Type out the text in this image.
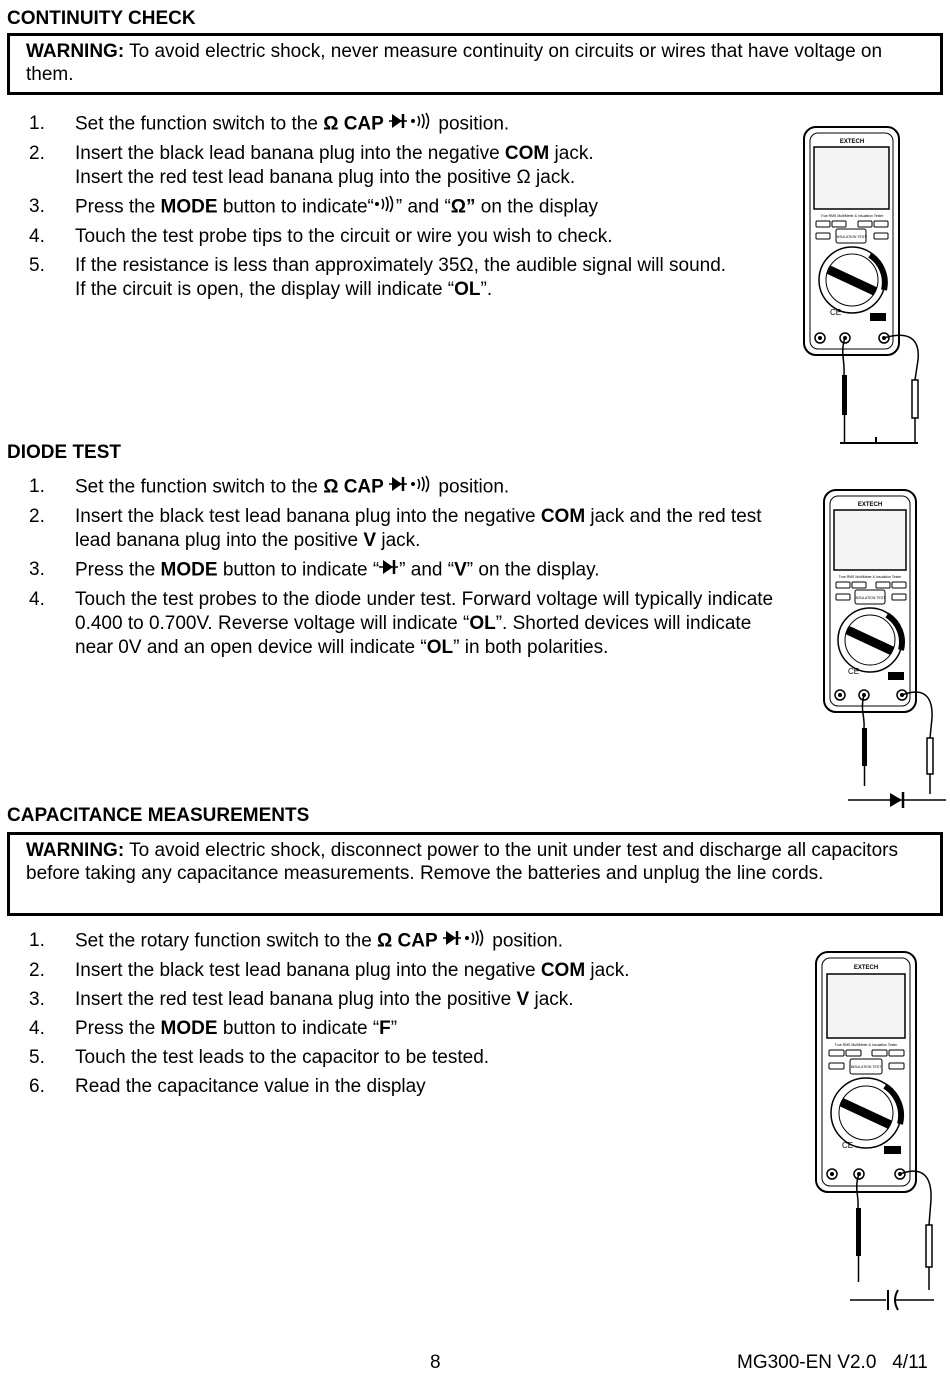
CONTINUITY CHECK
WARNING: To avoid electric shock, never measure continuity on circuits or wires that have voltage on them.
1. Set the function switch to the Ω CAP	position.
2. Insert the black lead banana plug into the negative COM jack.
Insert the red test lead banana plug into the positive Ω jack.
3. Press the MODE button to indicate“ ” and “Ω” on the display
4. Touch the test probe tips to the circuit or wire you wish to check.
5. If the resistance is less than approximately 35Ω, the audible signal will sound.
If the circuit is open, the display will indicate “OL”.
EXTECH
True RMS MultiMeter & Insulation Tester
INSULATION TEST
CE
DIODE TEST
1. Set the function switch to the Ω CAP	position.
2. Insert the black test lead banana plug into the negative COM jack and the red test lead banana plug into the positive V jack.
3. Press the MODE button to indicate “ ” and “V” on the display.
4. Touch the test probes to the diode under test. Forward voltage will typically indicate 0.400 to 0.700V. Reverse voltage will indicate “OL”. Shorted devices will indicate near 0V and an open device will indicate “OL” in both polarities.
EXTECH
True RMS MultiMeter & Insulation Tester
INSULATION TEST
CE
CAPACITANCE MEASUREMENTS
WARNING: To avoid electric shock, disconnect power to the unit under test and discharge all capacitors before taking any capacitance measurements. Remove the batteries and unplug the line cords.
1. Set the rotary function switch to the Ω CAP	position.
2. Insert the black test lead banana plug into the negative COM jack.
3. Insert the red test lead banana plug into the positive V jack.
4. Press the MODE button to indicate “F”
5. Touch the test leads to the capacitor to be tested.
6. Read the capacitance value in the display
EXTECH
True RMS MultiMeter & Insulation Tester
INSULATION TEST
CE
8	MG300-EN V2.0   4/11
